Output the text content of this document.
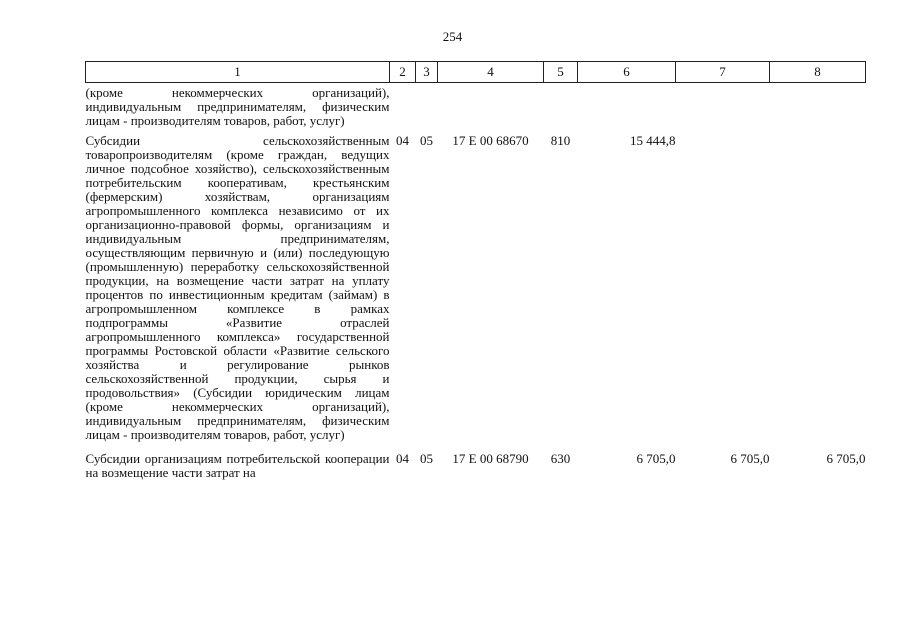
254
1	2	3	4	5	6	7	8

(кроме некоммерческих организаций), индивидуальным предпринимателям, физическим лицам - производителям товаров, работ, услуг)							

Субсидии сельскохозяйственным товаропроизводителям (кроме граждан, ведущих личное подсобное хозяйство), сельскохозяйственным потребительским кооперативам, крестьянским (фермерским) хозяйствам, организациям агропромышленного комплекса независимо от их организационно-правовой формы, организациям и индивидуальным предпринимателям, осуществляющим первичную и (или) последующую (промышленную) переработку сельскохозяйственной продукции, на возмещение части затрат на уплату процентов по инвестиционным кредитам (займам) в агропромышленном комплексе в рамках подпрограммы «Развитие отраслей агропромышленного комплекса» государственной программы Ростовской области «Развитие сельского хозяйства и регулирование рынков сельскохозяйственной продукции, сырья и продовольствия» (Субсидии юридическим лицам (кроме некоммерческих организаций), индивидуальным предпринимателям, физическим лицам - производителям товаров, работ, услуг)	04	05	17 Е 00 68670	810	15 444,8		

Субсидии организациям потребительской кооперации на возмещение части затрат на	04	05	17 Е 00 68790	630	6 705,0	6 705,0	6 705,0
